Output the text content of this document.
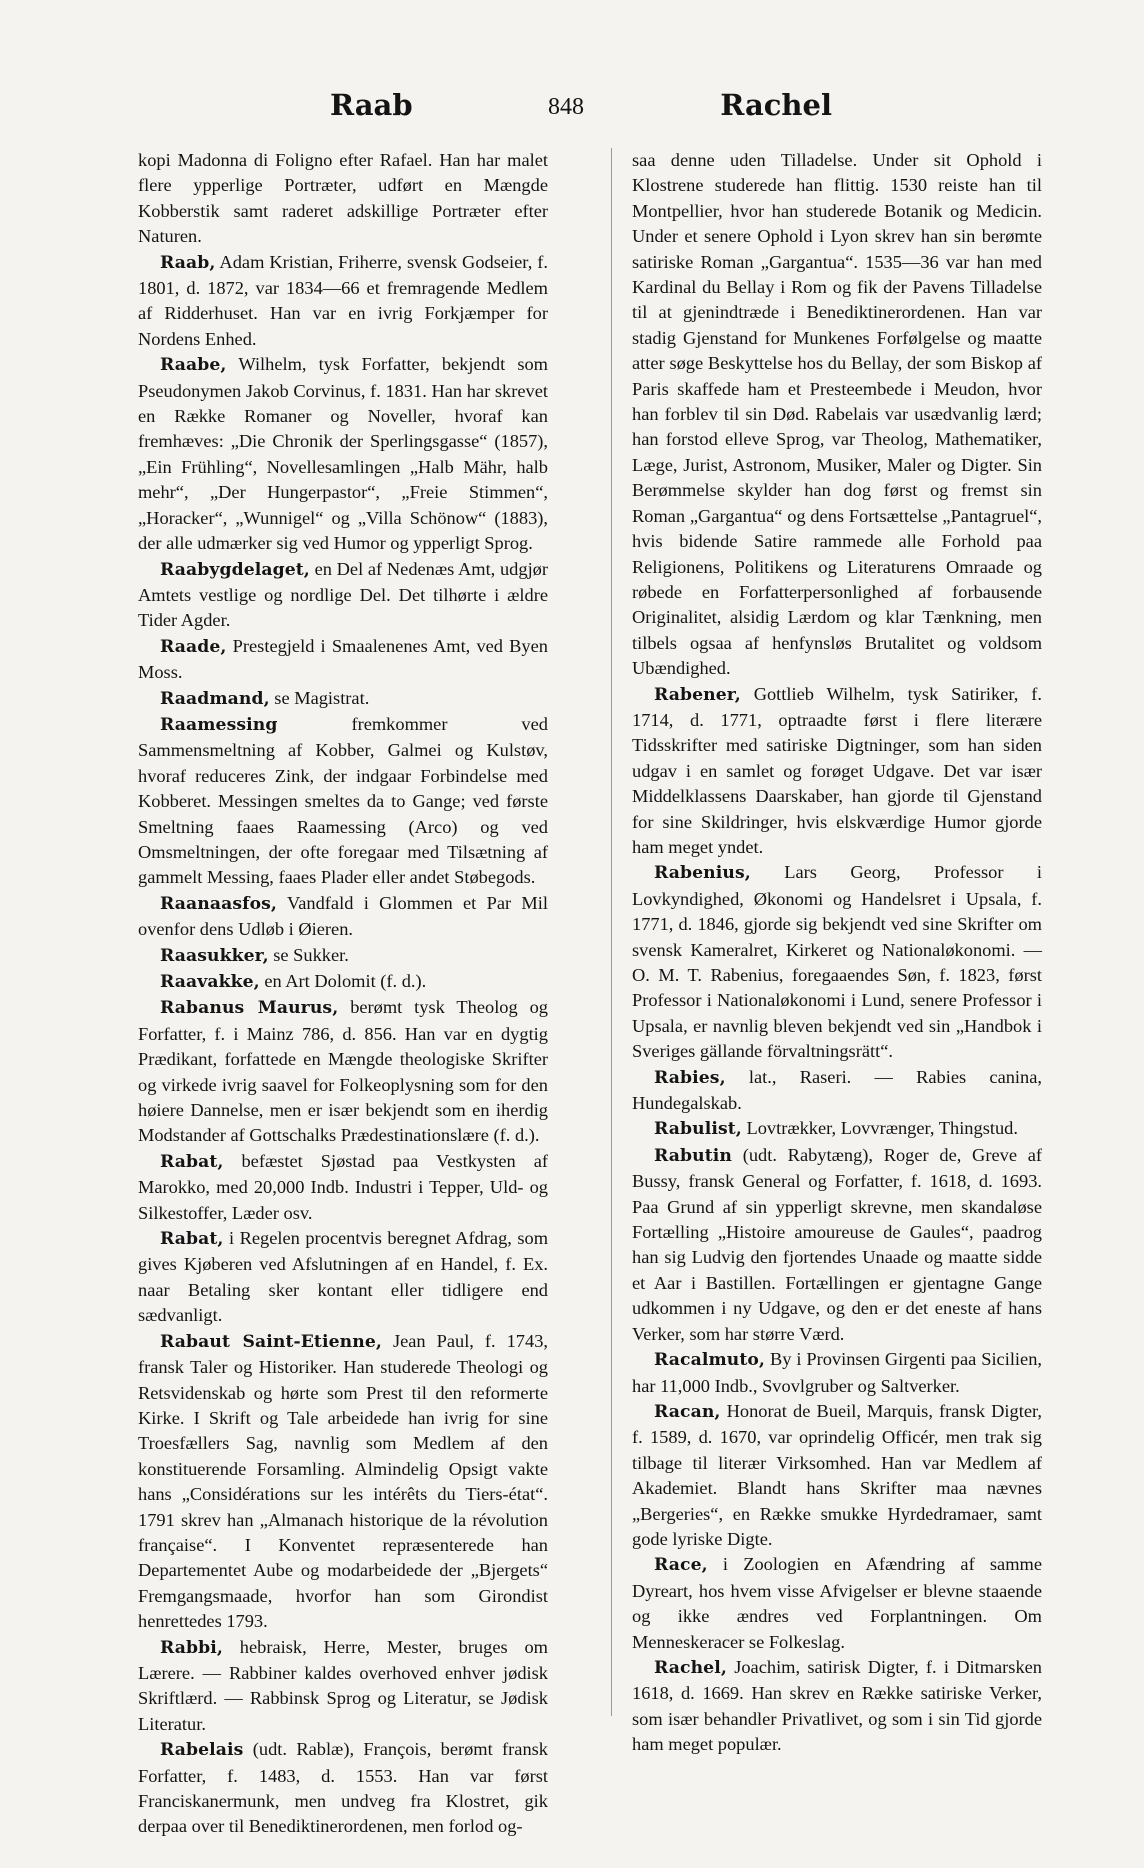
Raab	848	Rachel

kopi Madonna di Foligno efter Rafael. Han har malet flere ypperlige Portræter, udført en Mængde Kobberstik samt raderet adskillige Portræter efter Naturen.

Raab, Adam Kristian, Friherre, svensk Godseier, f. 1801, d. 1872, var 1834—66 et fremragende Medlem af Ridderhuset. Han var en ivrig Forkjæmper for Nordens Enhed.

Raabe, Wilhelm, tysk Forfatter, bekjendt som Pseudonymen Jakob Corvinus, f. 1831. Han har skrevet en Række Romaner og Noveller, hvoraf kan fremhæves: „Die Chronik der Sperlingsgasse“ (1857), „Ein Frühling“, Novellesamlingen „Halb Mähr, halb mehr“, „Der Hungerpastor“, „Freie Stimmen“, „Horacker“, „Wunnigel“ og „Villa Schönow“ (1883), der alle udmærker sig ved Humor og ypperligt Sprog.

Raabygdelaget, en Del af Nedenæs Amt, udgjør Amtets vestlige og nordlige Del. Det tilhørte i ældre Tider Agder.

Raade, Prestegjeld i Smaalenenes Amt, ved Byen Moss.

Raadmand, se Magistrat.

Raamessing fremkommer ved Sammensmeltning af Kobber, Galmei og Kulstøv, hvoraf reduceres Zink, der indgaar Forbindelse med Kobberet. Messingen smeltes da to Gange; ved første Smeltning faaes Raamessing (Arco) og ved Omsmeltningen, der ofte foregaar med Tilsætning af gammelt Messing, faaes Plader eller andet Støbegods.

Raanaasfos, Vandfald i Glommen et Par Mil ovenfor dens Udløb i Øieren.

Raasukker, se Sukker.

Raavakke, en Art Dolomit (f. d.).

Rabanus Maurus, berømt tysk Theolog og Forfatter, f. i Mainz 786, d. 856. Han var en dygtig Prædikant, forfattede en Mængde theologiske Skrifter og virkede ivrig saavel for Folkeoplysning som for den høiere Dannelse, men er især bekjendt som en iherdig Modstander af Gottschalks Prædestinationslære (f. d.).

Rabat, befæstet Sjøstad paa Vestkysten af Marokko, med 20,000 Indb. Industri i Tepper, Uld- og Silkestoffer, Læder osv.

Rabat, i Regelen procentvis beregnet Afdrag, som gives Kjøberen ved Afslutningen af en Handel, f. Ex. naar Betaling sker kontant eller tidligere end sædvanligt.

Rabaut Saint-Etienne, Jean Paul, f. 1743, fransk Taler og Historiker. Han studerede Theologi og Retsvidenskab og hørte som Prest til den reformerte Kirke. I Skrift og Tale arbeidede han ivrig for sine Troesfællers Sag, navnlig som Medlem af den konstituerende Forsamling. Almindelig Opsigt vakte hans „Considérations sur les intérêts du Tiers-état“. 1791 skrev han „Almanach historique de la révolution française“. I Konventet repræsenterede han Departementet Aube og modarbeidede der „Bjergets“ Fremgangsmaade, hvorfor han som Girondist henrettedes 1793.

Rabbi, hebraisk, Herre, Mester, bruges om Lærere. — Rabbiner kaldes overhoved enhver jødisk Skriftlærd. — Rabbinsk Sprog og Literatur, se Jødisk Literatur.

Rabelais (udt. Rablæ), François, berømt fransk Forfatter, f. 1483, d. 1553. Han var først Franciskanermunk, men undveg fra Klostret, gik derpaa over til Benediktinerordenen, men forlod og-

saa denne uden Tilladelse. Under sit Ophold i Klostrene studerede han flittig. 1530 reiste han til Montpellier, hvor han studerede Botanik og Medicin. Under et senere Ophold i Lyon skrev han sin berømte satiriske Roman „Gargantua“. 1535—36 var han med Kardinal du Bellay i Rom og fik der Pavens Tilladelse til at gjenindtræde i Benediktinerordenen. Han var stadig Gjenstand for Munkenes Forfølgelse og maatte atter søge Beskyttelse hos du Bellay, der som Biskop af Paris skaffede ham et Presteembede i Meudon, hvor han forblev til sin Død. Rabelais var usædvanlig lærd; han forstod elleve Sprog, var Theolog, Mathematiker, Læge, Jurist, Astronom, Musiker, Maler og Digter. Sin Berømmelse skylder han dog først og fremst sin Roman „Gargantua“ og dens Fortsættelse „Pantagruel“, hvis bidende Satire rammede alle Forhold paa Religionens, Politikens og Literaturens Omraade og røbede en Forfatterpersonlighed af forbausende Originalitet, alsidig Lærdom og klar Tænkning, men tilbels ogsaa af henfynsløs Brutalitet og voldsom Ubændighed.

Rabener, Gottlieb Wilhelm, tysk Satiriker, f. 1714, d. 1771, optraadte først i flere literære Tidsskrifter med satiriske Digtninger, som han siden udgav i en samlet og forøget Udgave. Det var især Middelklassens Daarskaber, han gjorde til Gjenstand for sine Skildringer, hvis elskværdige Humor gjorde ham meget yndet.

Rabenius, Lars Georg, Professor i Lovkyndighed, Økonomi og Handelsret i Upsala, f. 1771, d. 1846, gjorde sig bekjendt ved sine Skrifter om svensk Kameralret, Kirkeret og Nationaløkonomi. — O. M. T. Rabenius, foregaaendes Søn, f. 1823, først Professor i Nationaløkonomi i Lund, senere Professor i Upsala, er navnlig bleven bekjendt ved sin „Handbok i Sveriges gällande förvaltningsrätt“.

Rabies, lat., Raseri. — Rabies canina, Hundegalskab.

Rabulist, Lovtrækker, Lovvrænger, Thingstud.

Rabutin (udt. Rabytæng), Roger de, Greve af Bussy, fransk General og Forfatter, f. 1618, d. 1693. Paa Grund af sin ypperligt skrevne, men skandaløse Fortælling „Histoire amoureuse de Gaules“, paadrog han sig Ludvig den fjortendes Unaade og maatte sidde et Aar i Bastillen. Fortællingen er gjentagne Gange udkommen i ny Udgave, og den er det eneste af hans Verker, som har større Værd.

Racalmuto, By i Provinsen Girgenti paa Sicilien, har 11,000 Indb., Svovlgruber og Saltverker.

Racan, Honorat de Bueil, Marquis, fransk Digter, f. 1589, d. 1670, var oprindelig Officér, men trak sig tilbage til literær Virksomhed. Han var Medlem af Akademiet. Blandt hans Skrifter maa nævnes „Bergeries“, en Række smukke Hyrdedramaer, samt gode lyriske Digte.

Race, i Zoologien en Afændring af samme Dyreart, hos hvem visse Afvigelser er blevne staaende og ikke ændres ved Forplantningen. Om Menneskeracer se Folkeslag.

Rachel, Joachim, satirisk Digter, f. i Ditmarsken 1618, d. 1669. Han skrev en Række satiriske Verker, som især behandler Privatlivet, og som i sin Tid gjorde ham meget populær.
